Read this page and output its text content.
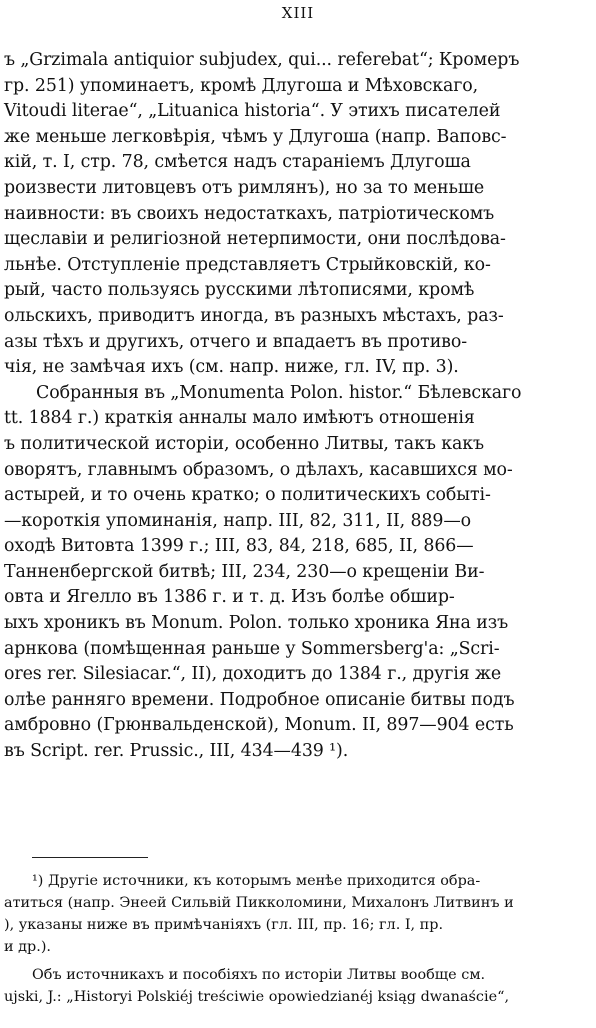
XIII
ъ „Grzimala antiquior subjudex, qui... referebat“; Кромеръ
гр. 251) упоминаетъ, кромѣ Длугоша и Мѣховскаго,
Vitoudi literae“, „Lituanica historia“. У этихъ писателей
же меньше легковѣрія, чѣмъ у Длугоша (напр. Ваповс-
кій, т. I, стр. 78, смѣется надъ стараніемъ Длугоша
роизвести литовцевъ отъ римлянъ), но за то меньше
наивности: въ своихъ недостаткахъ, патріотическомъ
щеславіи и религіозной нетерпимости, они послѣдова-
льнѣе. Отступленіе представляетъ Стрыйковскій, ко-
рый, часто пользуясь русскими лѣтописями, кромѣ
ольскихъ, приводитъ иногда, въ разныхъ мѣстахъ, раз-
азы тѣхъ и другихъ, отчего и впадаетъ въ противо-
чія, не замѣчая ихъ (см. напр. ниже, гл. IV, пр. 3).
Собранныя въ „Monumenta Polon. histor.“ Бѣлевскаго
tt. 1884 г.) краткія анналы мало имѣютъ отношенія
ъ политической исторіи, особенно Литвы, такъ какъ
оворятъ, главнымъ образомъ, о дѣлахъ, касавшихся мо-
астырей, и то очень кратко; о политическихъ событі-
—короткія упоминанія, напр. III, 82, 311, II, 889—о
оходѣ Витовта 1399 г.; III, 83, 84, 218, 685, II, 866—
Танненбергской битвѣ; III, 234, 230—о крещеніи Ви-
овта и Ягелло въ 1386 г. и т. д. Изъ болѣе обшир-
ыхъ хроникъ въ Monum. Polon. только хроника Яна изъ
арнкова (помѣщенная раньше у Sommersberg'a: „Scri-
ores rer. Silesiacar.“, II), доходитъ до 1384 г., другія же
олѣе ранняго времени. Подробное описаніе битвы подъ
амбровно (Грюнвальденской), Monum. II, 897—904 есть
въ Script. rer. Prussic., III, 434—439 ¹).
¹) Другіе источники, къ которымъ менѣе приходится обра-
атиться (напр. Энеей Сильвій Пикколомини, Михалонъ Литвинъ и
), указаны ниже въ примѣчаніяхъ (гл. III, пр. 16; гл. I, пр.
и др.).
Объ источникахъ и пособіяхъ по исторіи Литвы вообще см.
ujski, J.: „Historyi Polskiéj treściwie opowiedzianéj ksiąg dwanaście“,
